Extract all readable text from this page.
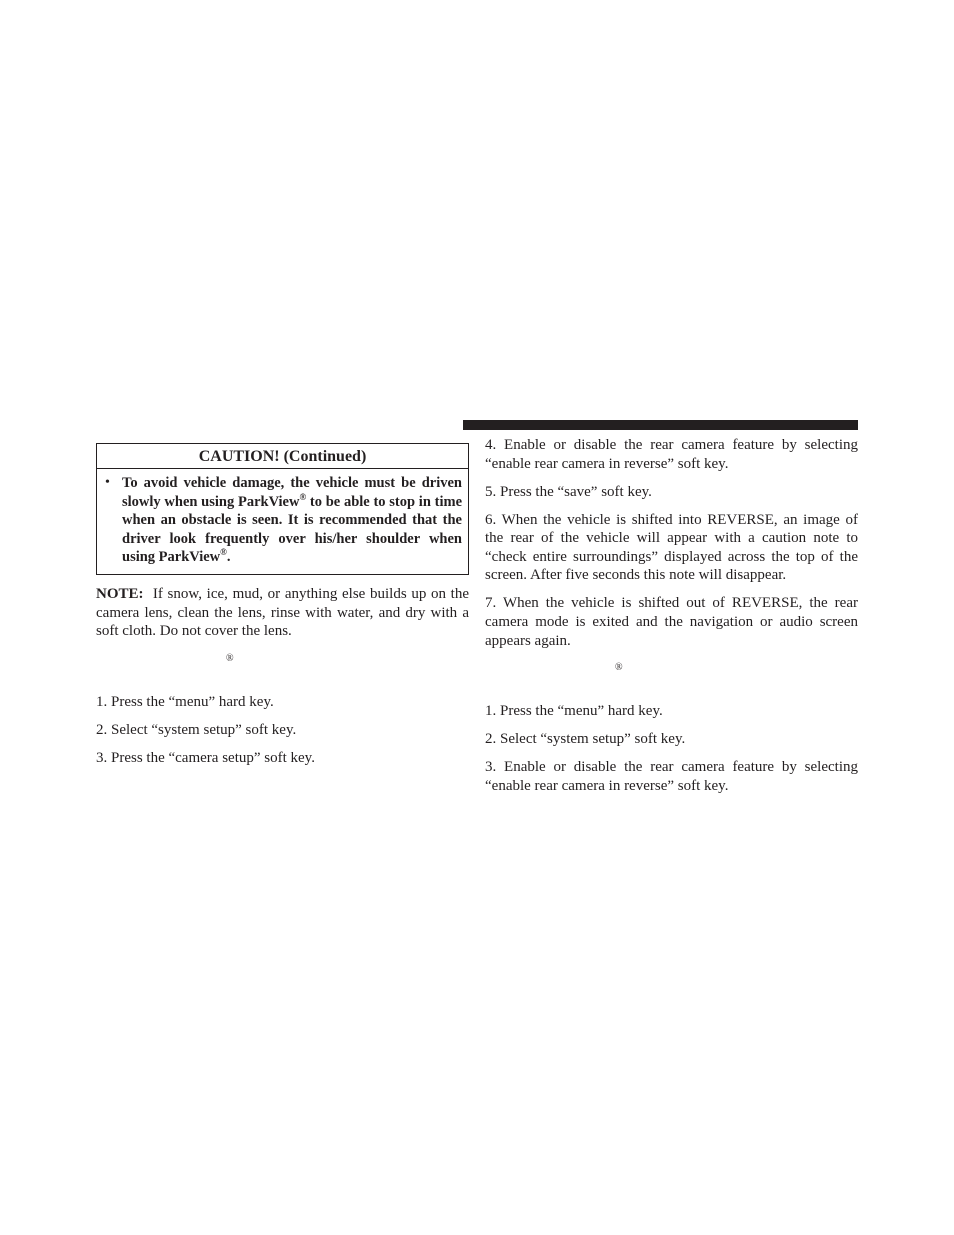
CAUTION! (Continued)
• To avoid vehicle damage, the vehicle must be driven slowly when using ParkView® to be able to stop in time when an obstacle is seen. It is recommended that the driver look frequently over his/her shoulder when using ParkView®.

NOTE: If snow, ice, mud, or anything else builds up on the camera lens, clean the lens, rinse with water, and dry with a soft cloth. Do not cover the lens.

®

1. Press the “menu” hard key.

2. Select “system setup” soft key.

3. Press the “camera setup” soft key.

4. Enable or disable the rear camera feature by selecting “enable rear camera in reverse” soft key.

5. Press the “save” soft key.

6. When the vehicle is shifted into REVERSE, an image of the rear of the vehicle will appear with a caution note to “check entire surroundings” displayed across the top of the screen. After five seconds this note will disappear.

7. When the vehicle is shifted out of REVERSE, the rear camera mode is exited and the navigation or audio screen appears again.

®

1. Press the “menu” hard key.

2. Select “system setup” soft key.

3. Enable or disable the rear camera feature by selecting “enable rear camera in reverse” soft key.
